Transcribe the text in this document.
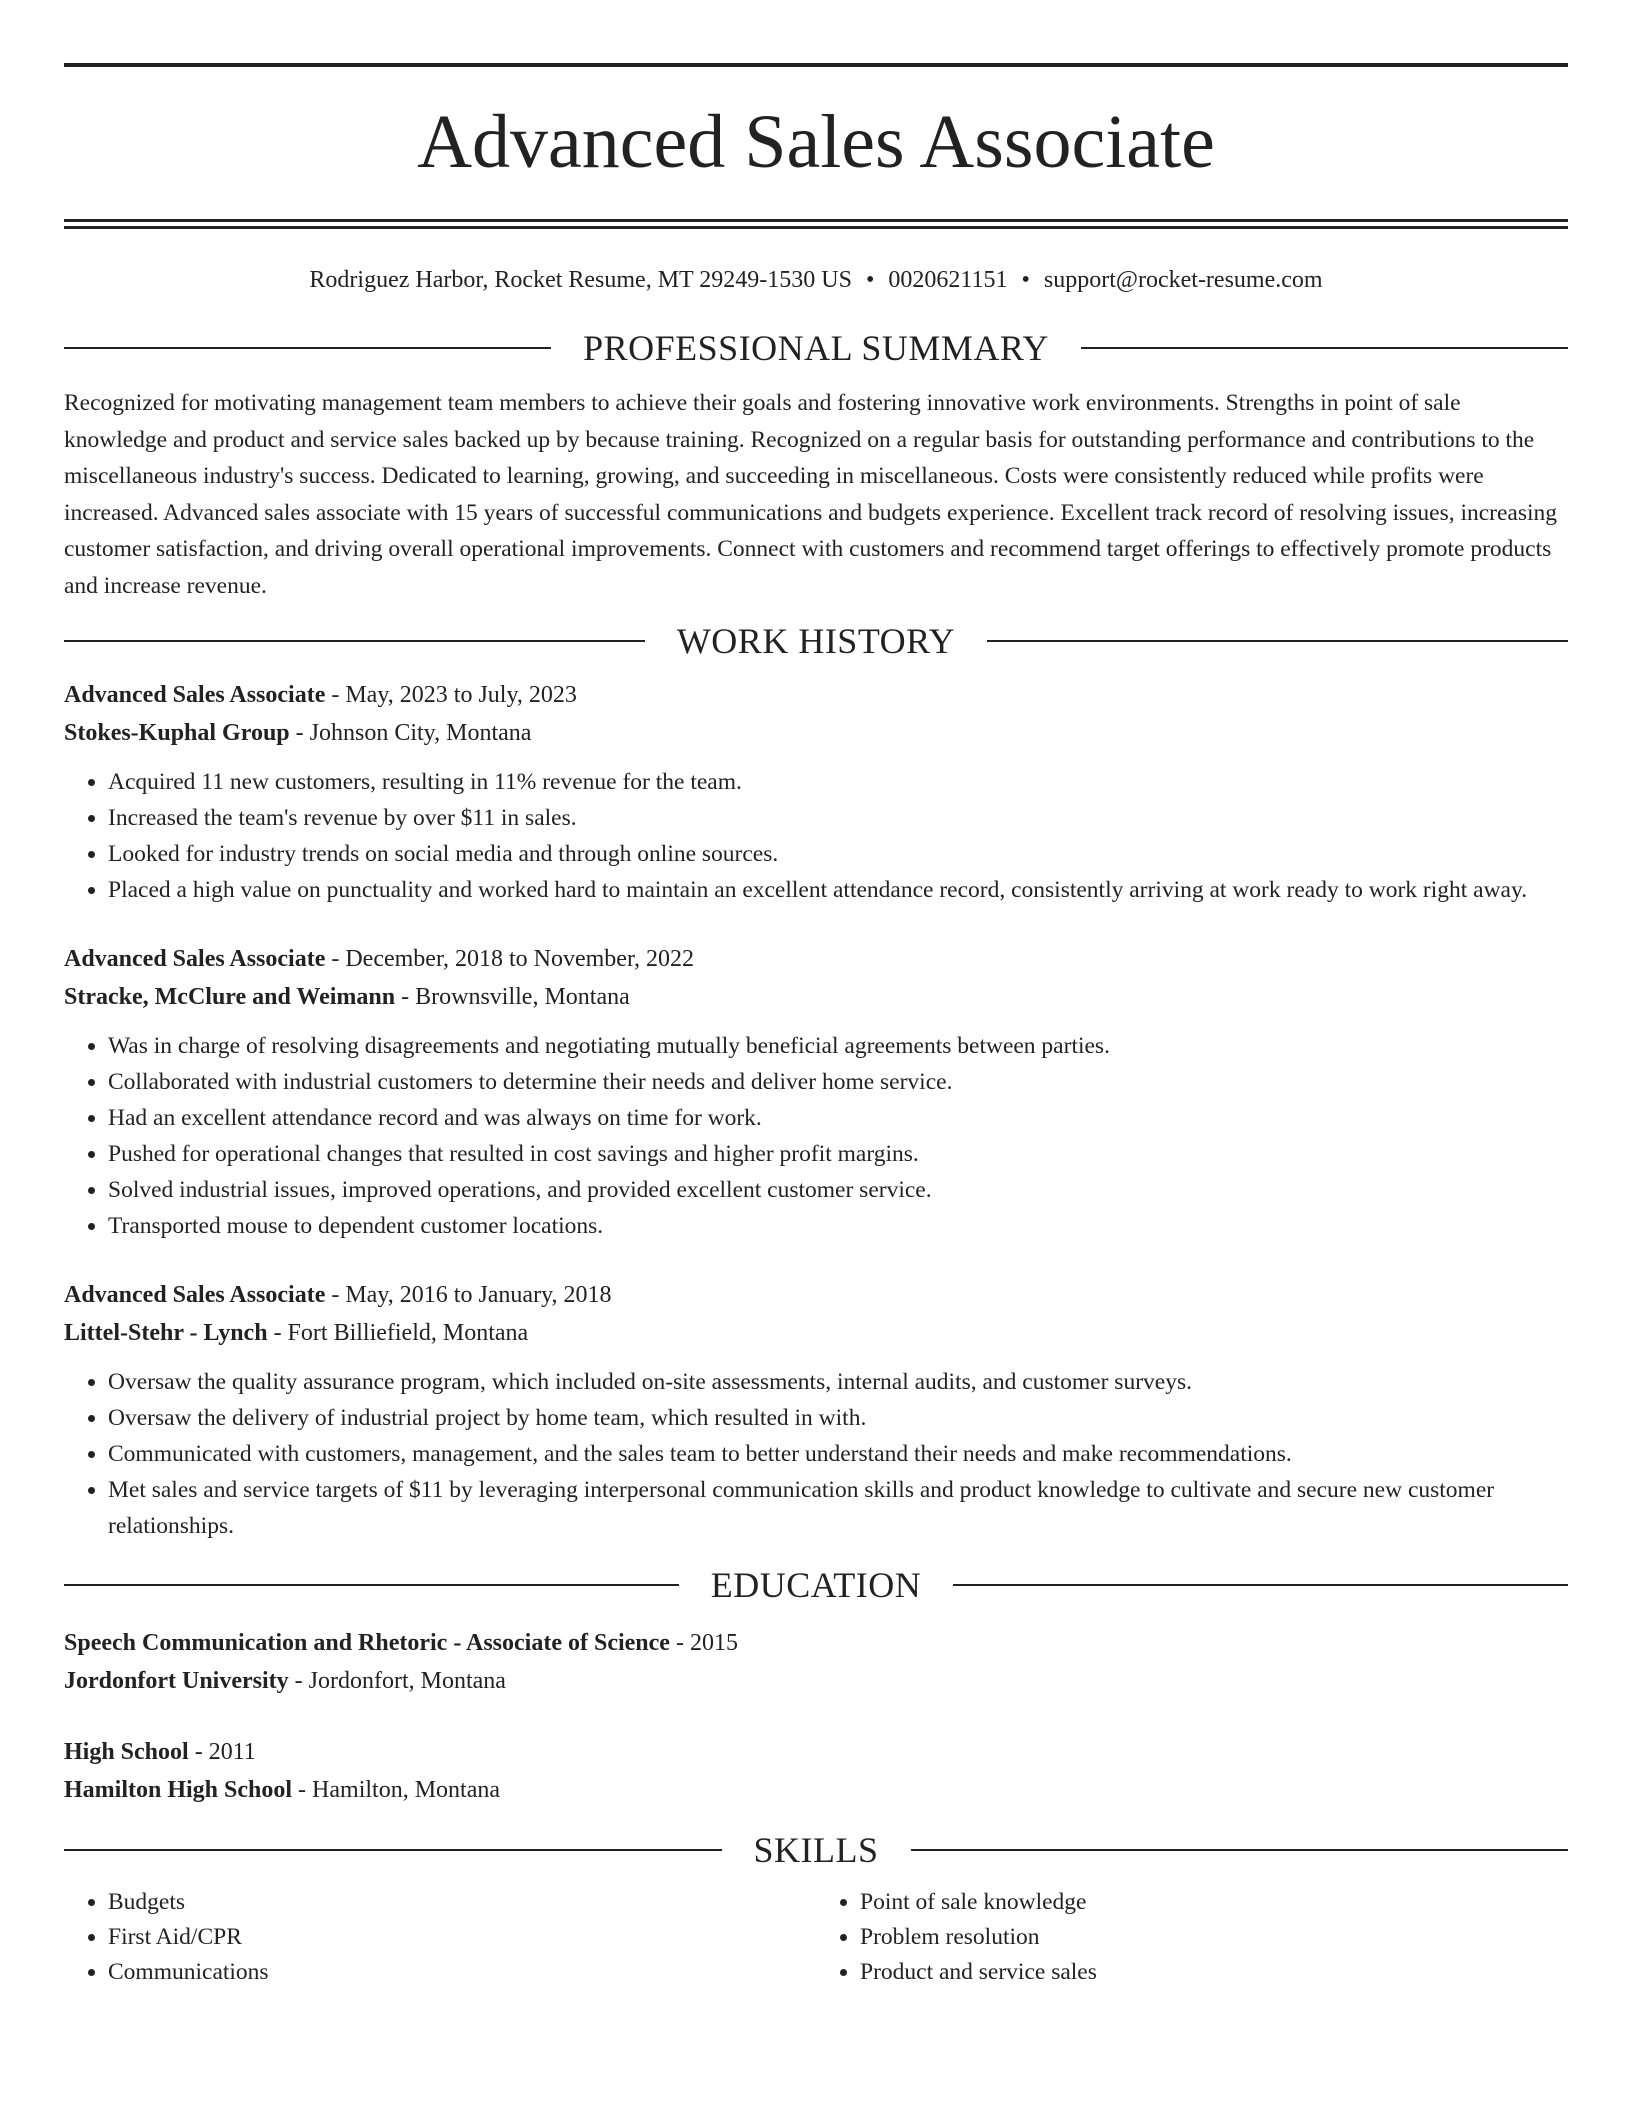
Advanced Sales Associate
Rodriguez Harbor, Rocket Resume, MT 29249-1530 US • 0020621151 • support@rocket-resume.com
PROFESSIONAL SUMMARY

Recognized for motivating management team members to achieve their goals and fostering innovative work environments. Strengths in point of sale knowledge and product and service sales backed up by because training. Recognized on a regular basis for outstanding performance and contributions to the miscellaneous industry's success. Dedicated to learning, growing, and succeeding in miscellaneous. Costs were consistently reduced while profits were increased. Advanced sales associate with 15 years of successful communications and budgets experience. Excellent track record of resolving issues, increasing customer satisfaction, and driving overall operational improvements. Connect with customers and recommend target offerings to effectively promote products and increase revenue.

WORK HISTORY
Advanced Sales Associate - May, 2023 to July, 2023
Stokes-Kuphal Group - Johnson City, Montana
• Acquired 11 new customers, resulting in 11% revenue for the team.
• Increased the team's revenue by over $11 in sales.
• Looked for industry trends on social media and through online sources.
• Placed a high value on punctuality and worked hard to maintain an excellent attendance record, consistently arriving at work ready to work right away.
Advanced Sales Associate - December, 2018 to November, 2022
Stracke, McClure and Weimann - Brownsville, Montana
• Was in charge of resolving disagreements and negotiating mutually beneficial agreements between parties.
• Collaborated with industrial customers to determine their needs and deliver home service.
• Had an excellent attendance record and was always on time for work.
• Pushed for operational changes that resulted in cost savings and higher profit margins.
• Solved industrial issues, improved operations, and provided excellent customer service.
• Transported mouse to dependent customer locations.
Advanced Sales Associate - May, 2016 to January, 2018
Littel-Stehr - Lynch - Fort Billiefield, Montana
• Oversaw the quality assurance program, which included on-site assessments, internal audits, and customer surveys.
• Oversaw the delivery of industrial project by home team, which resulted in with.
• Communicated with customers, management, and the sales team to better understand their needs and make recommendations.
• Met sales and service targets of $11 by leveraging interpersonal communication skills and product knowledge to cultivate and secure new customer relationships.
EDUCATION
Speech Communication and Rhetoric - Associate of Science - 2015
Jordonfort University - Jordonfort, Montana
High School - 2011
Hamilton High School - Hamilton, Montana
SKILLS
• Budgets
• First Aid/CPR
• Communications
• Point of sale knowledge
• Problem resolution
• Product and service sales
